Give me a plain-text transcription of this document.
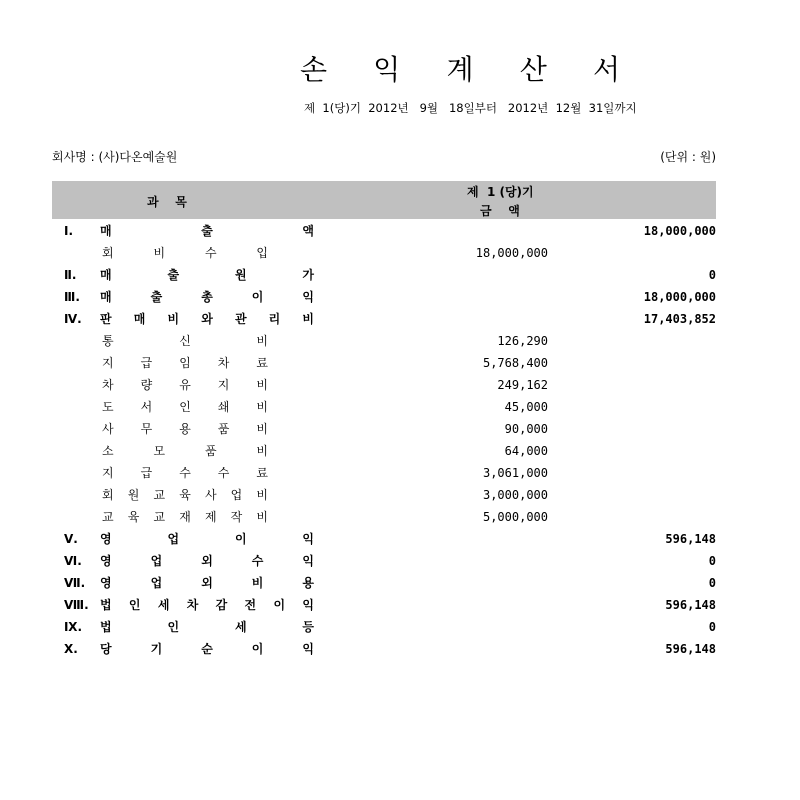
손 익 계 산 서
제  1(당)기  2012년   9월   18일부터   2012년  12월  31일까지
회사명 : (사)다온예술원	(단위 : 원)
과    목
제  1 (당)기
금    액
Ⅰ.	매	출	액	18,000,000
회	비	수	입	18,000,000
Ⅱ.	매	출	원	가	0
Ⅲ.	매	출	총	이	익	18,000,000
Ⅳ.	판 매 비 와 관 리 비	17,403,852
통	신	비	126,290
지 급 임 차 료	5,768,400
차 량 유 지 비	249,162
도 서 인 쇄 비	45,000
사 무 용 품 비	90,000
소	모	품	비	64,000
지 급 수 수 료	3,061,000
회 원 교 육 사 업 비	3,000,000
교 육 교 재 제 작 비	5,000,000
Ⅴ.	영	업	이	익	596,148
Ⅵ.	영	업	외	수	익	0
Ⅶ.	영	업	외	비	용	0
Ⅷ. 법 인 세 차 감 전 이 익	596,148
Ⅸ.	법	인	세	등	0
Ⅹ.	당	기	순	이	익	596,148
